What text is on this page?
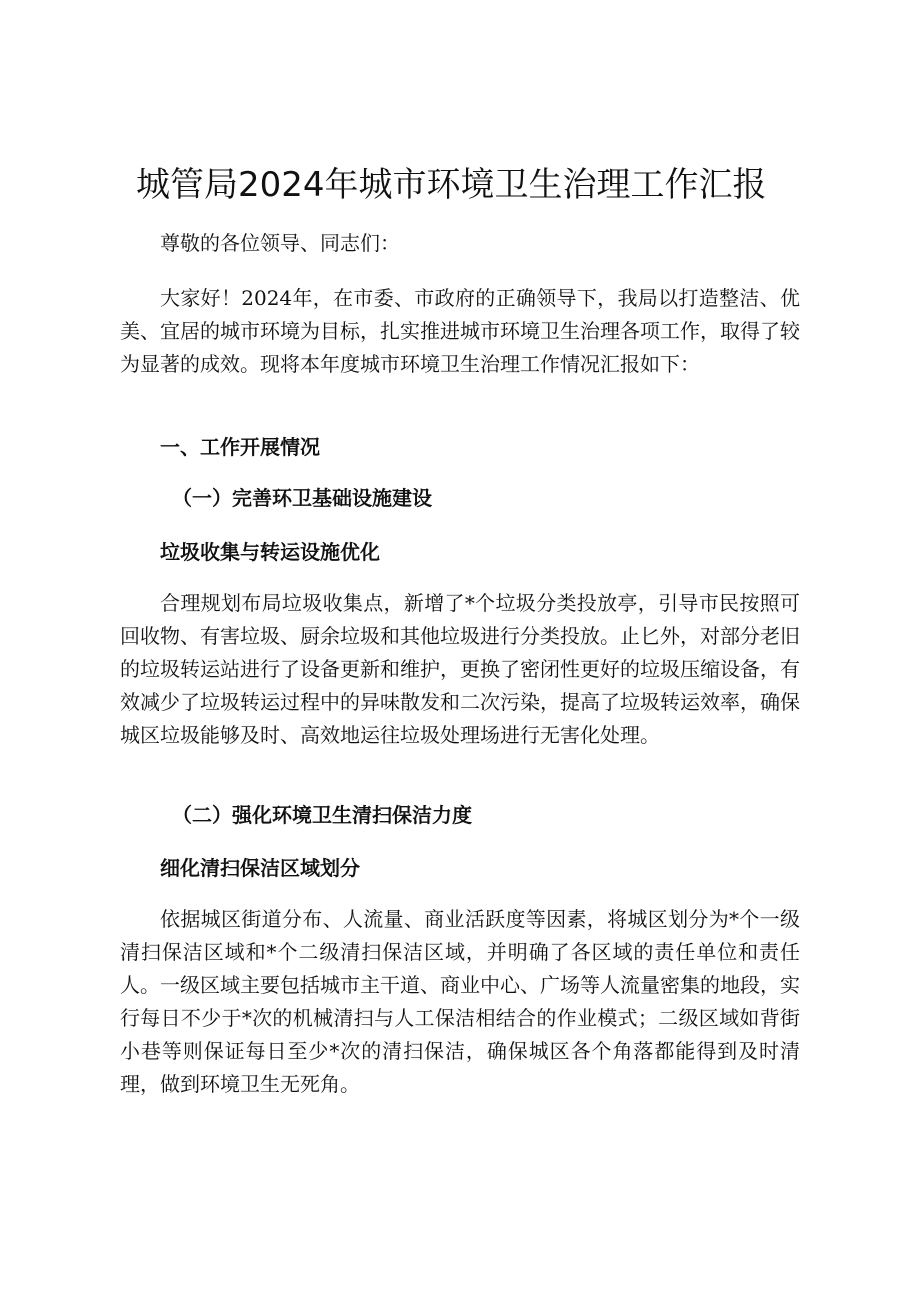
城管局2024年城市环境卫生治理工作汇报
尊敬的各位领导、同志们：

大家好！2024年，在市委、市政府的正确领导下，我局以打造整洁、优美、宜居的城市环境为目标，扎实推进城市环境卫生治理各项工作，取得了较为显著的成效。现将本年度城市环境卫生治理工作情况汇报如下：

一、工作开展情况
（一）完善环卫基础设施建设
垃圾收集与转运设施优化

合理规划布局垃圾收集点，新增了*个垃圾分类投放亭，引导市民按照可回收物、有害垃圾、厨余垃圾和其他垃圾进行分类投放。止匕外，对部分老旧的垃圾转运站进行了设备更新和维护，更换了密闭性更好的垃圾压缩设备，有效减少了垃圾转运过程中的异味散发和二次污染，提高了垃圾转运效率，确保城区垃圾能够及时、高效地运往垃圾处理场进行无害化处理。

（二）强化环境卫生清扫保洁力度
细化清扫保洁区域划分

依据城区街道分布、人流量、商业活跃度等因素，将城区划分为*个一级清扫保洁区域和*个二级清扫保洁区域，并明确了各区域的责任单位和责任人。一级区域主要包括城市主干道、商业中心、广场等人流量密集的地段，实行每日不少于*次的机械清扫与人工保洁相结合的作业模式；二级区域如背街小巷等则保证每日至少*次的清扫保洁，确保城区各个角落都能得到及时清理，做到环境卫生无死角。
